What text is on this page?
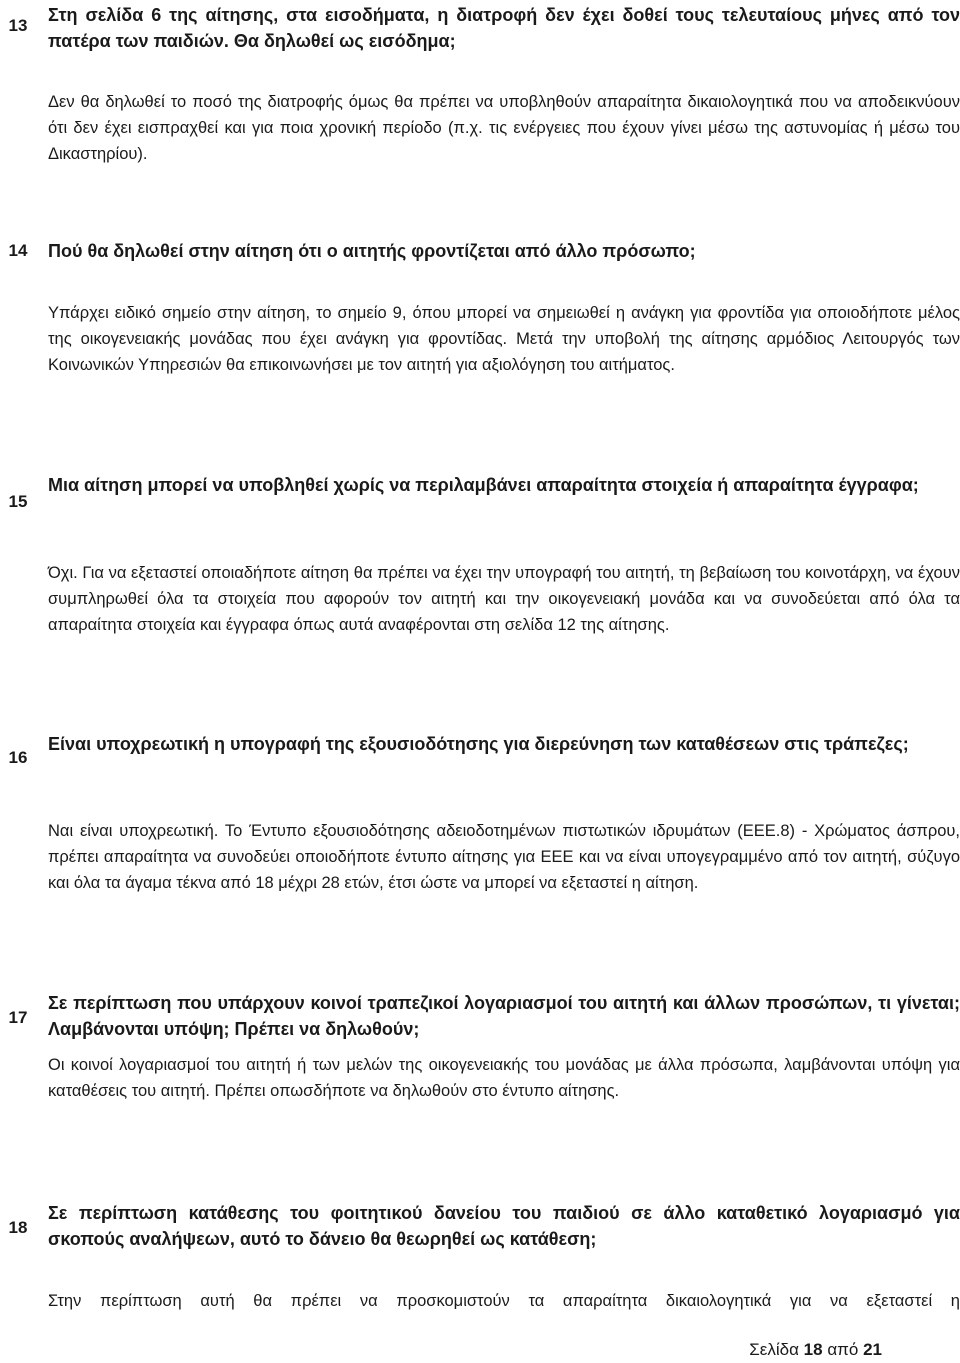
13

Στη σελίδα 6 της αίτησης, στα εισοδήματα, η διατροφή δεν έχει δοθεί τους τελευταίους μήνες από τον πατέρα των παιδιών. Θα δηλωθεί ως εισόδημα;

Δεν θα δηλωθεί το ποσό της διατροφής όμως θα πρέπει να υποβληθούν απαραίτητα δικαιολογητικά που να αποδεικνύουν ότι δεν έχει εισπραχθεί και για ποια χρονική περίοδο (π.χ. τις ενέργειες που έχουν γίνει μέσω της αστυνομίας ή μέσω του Δικαστηρίου).

14	Πού θα δηλωθεί στην αίτηση ότι ο αιτητής φροντίζεται από άλλο πρόσωπο;

Υπάρχει ειδικό σημείο στην αίτηση, το σημείο 9, όπου μπορεί να σημειωθεί η ανάγκη για φροντίδα για οποιοδήποτε μέλος της οικογενειακής μονάδας που έχει ανάγκη για φροντίδας. Μετά την υποβολή της αίτησης αρμόδιος Λειτουργός των Κοινωνικών Υπηρεσιών θα επικοινωνήσει με τον αιτητή για αξιολόγηση του αιτήματος.

15

Μια αίτηση μπορεί να υποβληθεί χωρίς να περιλαμβάνει απαραίτητα στοιχεία ή απαραίτητα έγγραφα;

Όχι. Για να εξεταστεί οποιαδήποτε αίτηση θα πρέπει να έχει την υπογραφή του αιτητή, τη βεβαίωση του κοινοτάρχη, να έχουν συμπληρωθεί όλα τα στοιχεία που αφορούν τον αιτητή και την οικογενειακή μονάδα και να συνοδεύεται από όλα τα απαραίτητα στοιχεία και έγγραφα όπως αυτά αναφέρονται στη σελίδα 12 της αίτησης.

16

Είναι υποχρεωτική η υπογραφή της εξουσιοδότησης για διερεύνηση των καταθέσεων στις τράπεζες;

Ναι είναι υποχρεωτική. Το Έντυπο εξουσιοδότησης αδειοδοτημένων πιστωτικών ιδρυμάτων (ΕΕΕ.8) - Χρώματος άσπρου, πρέπει απαραίτητα να συνοδεύει οποιοδήποτε έντυπο αίτησης για ΕΕΕ και να είναι υπογεγραμμένο από τον αιτητή, σύζυγο και όλα τα άγαμα τέκνα από 18 μέχρι 28 ετών, έτσι ώστε να μπορεί να εξεταστεί η αίτηση.

17

Σε περίπτωση που υπάρχουν κοινοί τραπεζικοί λογαριασμοί του αιτητή και άλλων προσώπων, τι γίνεται; Λαμβάνονται υπόψη; Πρέπει να δηλωθούν;

Οι κοινοί λογαριασμοί του αιτητή ή των μελών της οικογενειακής του μονάδας με άλλα πρόσωπα, λαμβάνονται υπόψη για καταθέσεις του αιτητή. Πρέπει οπωσδήποτε να δηλωθούν στο έντυπο αίτησης.

18

Σε περίπτωση κατάθεσης του φοιτητικού δανείου του παιδιού σε άλλο καταθετικό λογαριασμό για σκοπούς αναλήψεων, αυτό το δάνειο θα θεωρηθεί ως κατάθεση;

Στην περίπτωση αυτή θα πρέπει να προσκομιστούν τα απαραίτητα δικαιολογητικά για να εξεταστεί η

Σελίδα 18 από 21
